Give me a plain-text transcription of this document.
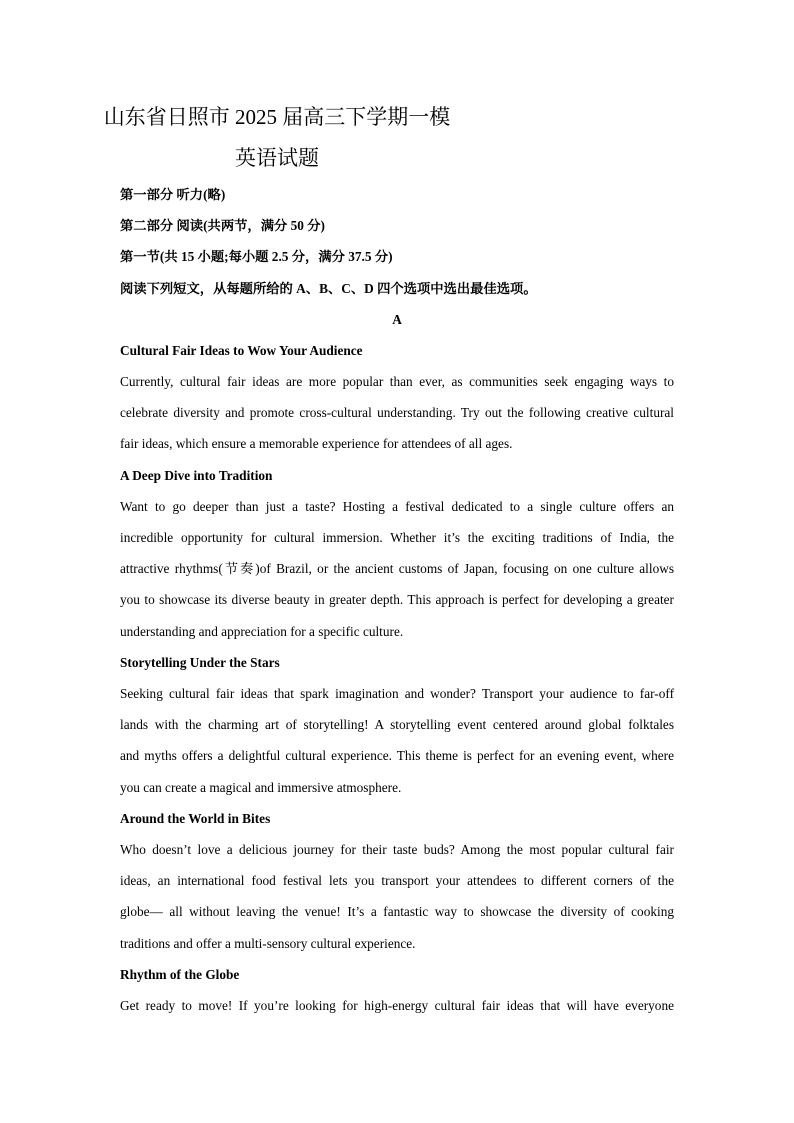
山东省日照市 2025 届高三下学期一模
英语试题

第一部分 听力(略)

第二部分 阅读(共两节，满分 50 分)

第一节(共 15 小题;每小题 2.5 分，满分 37.5 分)

阅读下列短文，从每题所给的 A、B、C、D 四个选项中选出最佳选项。

A

Cultural Fair Ideas to Wow Your Audience

Currently, cultural fair ideas are more popular than ever, as communities seek engaging ways to

celebrate diversity and promote cross-cultural understanding. Try out the following creative cultural

fair ideas, which ensure a memorable experience for attendees of all ages.

A Deep Dive into Tradition

Want to go deeper than just a taste? Hosting a festival dedicated to a single culture offers an

incredible opportunity for cultural immersion. Whether it’s the exciting traditions of India, the

attractive rhythms(节奏)of Brazil, or the ancient customs of Japan, focusing on one culture allows

you to showcase its diverse beauty in greater depth. This approach is perfect for developing a greater

understanding and appreciation for a specific culture.

Storytelling Under the Stars

Seeking cultural fair ideas that spark imagination and wonder? Transport your audience to far-off

lands with the charming art of storytelling! A storytelling event centered around global folktales

and myths offers a delightful cultural experience. This theme is perfect for an evening event, where

you can create a magical and immersive atmosphere.

Around the World in Bites

Who doesn’t love a delicious journey for their taste buds? Among the most popular cultural fair

ideas, an international food festival lets you transport your attendees to different corners of the

globe— all without leaving the venue! It’s a fantastic way to showcase the diversity of cooking

traditions and offer a multi-sensory cultural experience.

Rhythm of the Globe

Get ready to move! If you’re looking for high-energy cultural fair ideas that will have everyone
